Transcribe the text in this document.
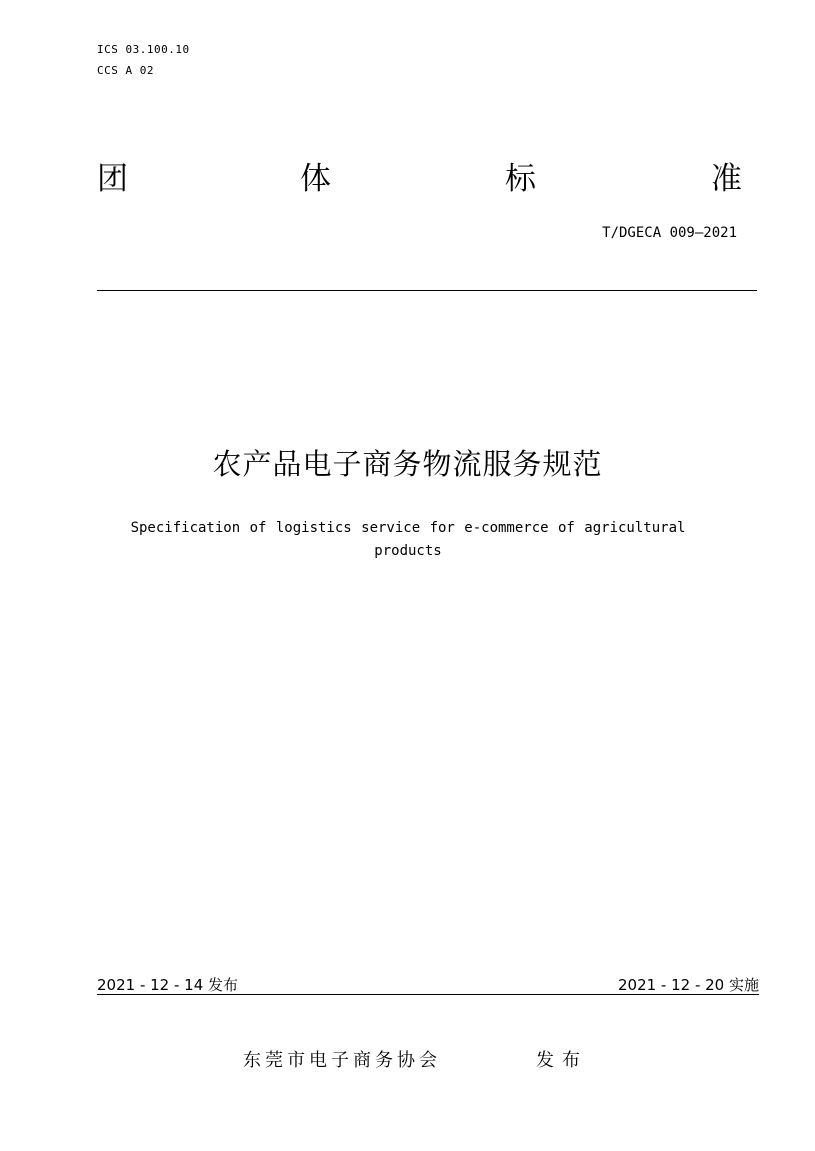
ICS 03.100.10
CCS A 02
团	体	标	准
T/DGECA 009—2021
农产品电子商务物流服务规范
Specification of logistics service for e-commerce of agricultural
products
2021 - 12 - 14 发布	2021 - 12 - 20 实施
东莞市电子商务协会	发布
